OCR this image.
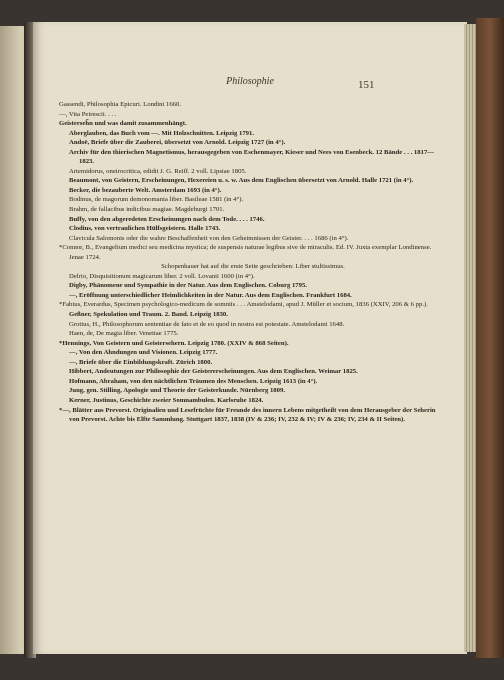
Philosophie	151
Gassendi, Philosophia Epicuri. Londini 1660.
—, Vita Peirescii. . . .
Geisterseh̃n und was damit zusammenhängt.
Aberglauben, das Buch vom —. Mit Holzschnitten. Leipzig 1791.
Andoë, Briefe über die Zauberei, übersetzt von Arnold. Leipzig 1727 (in 4°).
Archiv für den thierischen Magnetismus, herausgegeben von Eschenmayer, Kieser und Nees von Esenbeck. 12 Bände . . . 1817—1823.
Artemidorus, oneirocritica, edidit J. G. Reiff. 2 voll. Lipsiae 1805.
Beaumont, von Geistern, Erscheinungen, Hexereien u. s. w. Aus dem Englischen übersetzt von Arnold. Halle 1721 (in 4°).
Becker, die bezauberte Welt. Amsterdam 1693 (in 4°).
Bodinus, de magorum demonomania liber. Basileae 1581 (in 4°).
Brahm, de fallacibus indicibus magiae. Magdeburgi 1701.
Buffy, von den abgeredeten Erscheinungen nach dem Tode. . . . 1746.
Clodius, von vertraulichen Hülfsgeistern. Halle 1743.
Clavicula Salomonis oder die wahre Beschaffenheit von den Geheimnissen der Geister. . . . 1686 (in 4°).
*Connor, B., Evangelium medici seu medicina mystica; de suspensis naturae legibus sive de miraculis. Ed. IV. Juxta exemplar Londinense. Jenae 1724.
Schopenhauer hat auf die erste Seite geschrieben: Liber stultissimus.
Delrio, Disquisitionum magicarum liber. 2 voll. Lovanii 1600 (in 4°).
Digby, Phänomene und Sympathie in der Natur. Aus dem Englischen. Coburg 1795.
—, Eröffnung unterschiedlicher Heimlichkeiten in der Natur. Aus dem Englischen. Frankfurt 1684.
*Fabius, Everardus, Specimen psychologico-medicum de somniis . . . Amstelodami, apud J. Müller et socium, 1836 (XXIV, 206 & 6 pp.).
Geßner, Spekulation und Traum. 2. Band. Leipzig 1830.
Grotius, H., Philosophorum sententiae de fato et de eo quod in nostra est potestate. Amstelodami 1648.
Haen, de, De magia liber. Venetiae 1775.
*Hennings, Von Geistern und Geistersehern. Leipzig 1780. (XXIV & 868 Seiten).
—, Von den Ahndungen und Visionen. Leipzig 1777.
—, Briefe über die Einbildungskraft. Zürich 1800.
Hibbert, Andeutungen zur Philosophie der Geistererscheinungen. Aus dem Englischen. Weimar 1825.
Hofmann, Abraham, von den nächtlichen Träumen des Menschen. Leipzig 1613 (in 4°).
Jung, gen. Stilling, Apologie und Theorie der Geisterkunde. Nürnberg 1809.
Kerner, Justinus, Geschichte zweier Somnambulen. Karlsruhe 1824.
*—, Blätter aus Prevorst. Originalien und Lesefrüchte für Freunde des innern Lebens mitgetheilt von dem Herausgeber der Seherin von Prevorst. Achte bis Elfte Sammlung. Stuttgart 1837, 1838 (IV & 236; IV, 232 & IV; IV & 236; IV, 234 & II Seiten).
